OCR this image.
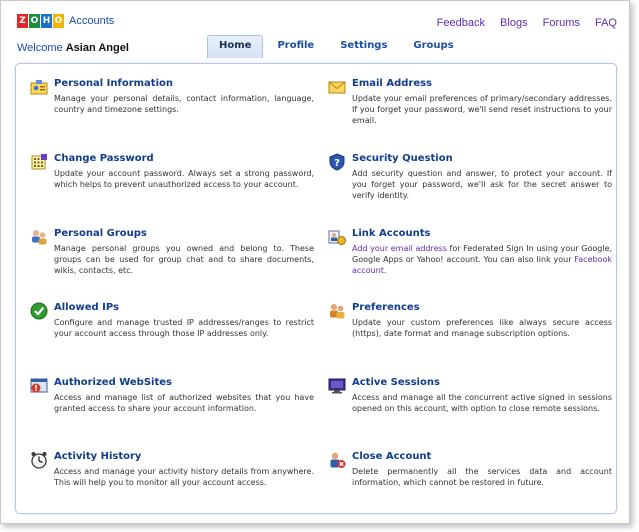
Z O H O Accounts
Welcome Asian Angel
Feedback Blogs Forums FAQ
Home	Profile	Settings	Groups
Personal Information
Manage your personal details, contact information, language, country and timezone settings.
Change Password
Update your account password. Always set a strong password, which helps to prevent unauthorized access to your account.
Personal Groups
Manage personal groups you owned and belong to. These groups can be used for group chat and to share documents, wikis, contacts, etc.
Allowed IPs
Configure and manage trusted IP addresses/ranges to restrict your account access through those IP addresses only.
Authorized WebSites
Access and manage list of authorized websites that you have granted access to share your account information.
Activity History
Access and manage your activity history details from anywhere. This will help you to monitor all your account access.
Email Address
Update your email preferences of primary/secondary addresses. If you forget your password, we'll send reset instructions to your email.
? Security Question
Add security question and answer, to protect your account. If you forget your password, we'll ask for the secret answer to verify identity.
Link Accounts
Add your email address for Federated Sign In using your Google, Google Apps or Yahoo! account. You can also link your Facebook account.
Preferences
Update your custom preferences like always secure access (https), date format and manage subscription options.
Active Sessions
Access and manage all the concurrent active signed in sessions opened on this account, with option to close remote sessions.
Close Account
Delete permanently all the services data and account information, which cannot be restored in future.
